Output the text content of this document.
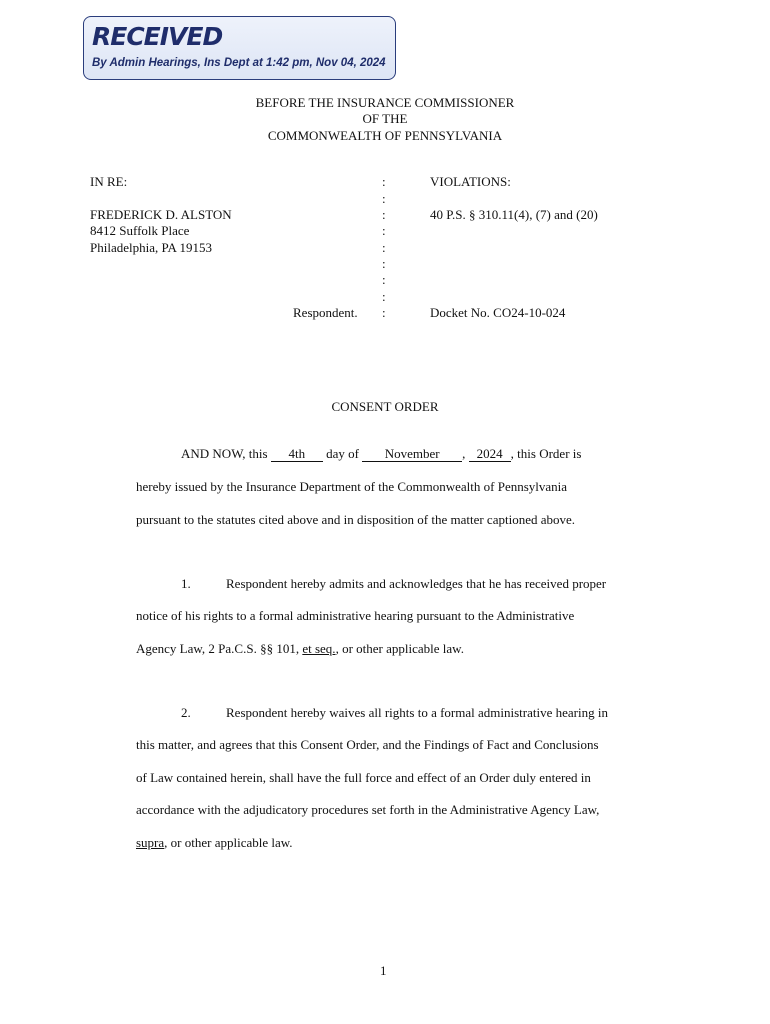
RECEIVED
By Admin Hearings, Ins Dept at 1:42 pm, Nov 04, 2024
BEFORE THE INSURANCE COMMISSIONER
OF THE
COMMONWEALTH OF PENNSYLVANIA
IN RE:
FREDERICK D. ALSTON
8412 Suffolk Place
Philadelphia, PA 19153
Respondent.
:
:
:
:
:
:
:
:
:
VIOLATIONS:
40 P.S. § 310.11(4), (7) and (20)
Docket No. CO24-10-024
CONSENT ORDER
AND NOW, this 4th day of November , 2024 , this Order is
hereby issued by the Insurance Department of the Commonwealth of Pennsylvania
pursuant to the statutes cited above and in disposition of the matter captioned above.
1.	Respondent hereby admits and acknowledges that he has received proper
notice of his rights to a formal administrative hearing pursuant to the Administrative
Agency Law, 2 Pa.C.S. §§ 101, et seq., or other applicable law.
2.	Respondent hereby waives all rights to a formal administrative hearing in
this matter, and agrees that this Consent Order, and the Findings of Fact and Conclusions
of Law contained herein, shall have the full force and effect of an Order duly entered in
accordance with the adjudicatory procedures set forth in the Administrative Agency Law,
supra, or other applicable law.
1
